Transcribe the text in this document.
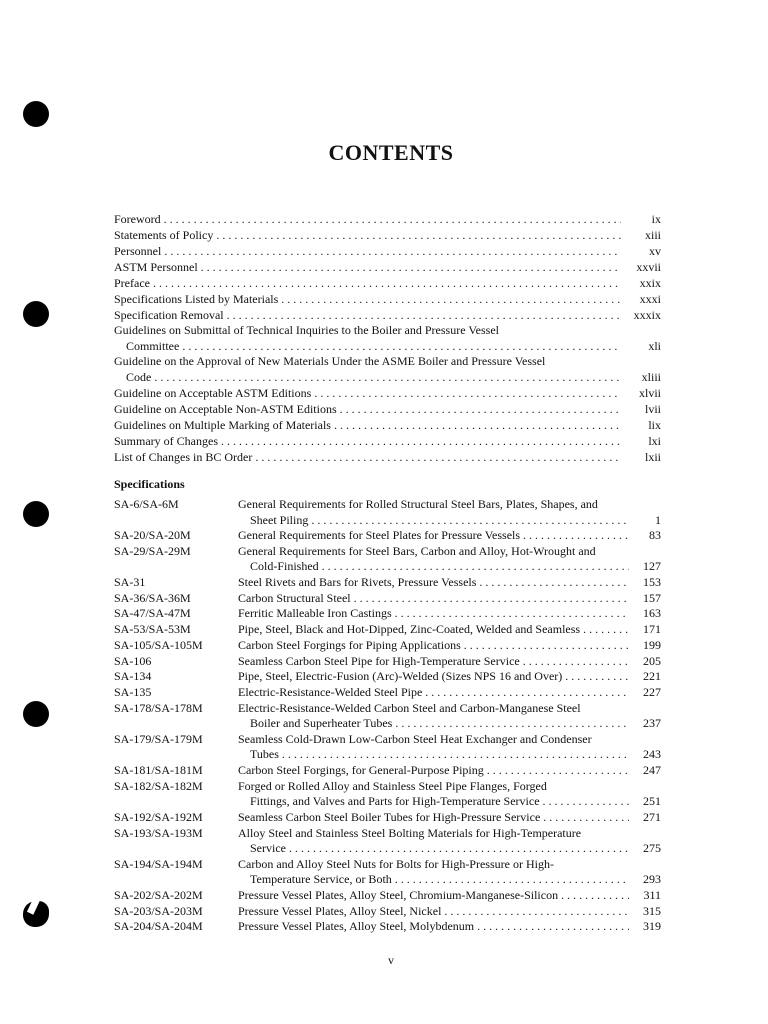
CONTENTS
Foreword . . .	ix
Statements of Policy . . .	xiii
Personnel . . .	xv
ASTM Personnel . . .	xxvii
Preface . . .	xxix
Specifications Listed by Materials . . .	xxxi
Specification Removal . . .	xxxix
Guidelines on Submittal of Technical Inquiries to the Boiler and Pressure Vessel
Committee . . .	xli
Guideline on the Approval of New Materials Under the ASME Boiler and Pressure Vessel
Code . . .	xliii
Guideline on Acceptable ASTM Editions . . .	xlvii
Guideline on Acceptable Non-ASTM Editions . . .	lvii
Guidelines on Multiple Marking of Materials . . .	lix
Summary of Changes . . .	lxi
List of Changes in BC Order . . .	lxii
Specifications
SA-6/SA-6M	General Requirements for Rolled Structural Steel Bars, Plates, Shapes, and
Sheet Piling . . .	1
SA-20/SA-20M	General Requirements for Steel Plates for Pressure Vessels . . .	83
SA-29/SA-29M	General Requirements for Steel Bars, Carbon and Alloy, Hot-Wrought and
Cold-Finished . . .	127
SA-31	Steel Rivets and Bars for Rivets, Pressure Vessels . . .	153
SA-36/SA-36M	Carbon Structural Steel . . .	157
SA-47/SA-47M	Ferritic Malleable Iron Castings . . .	163
SA-53/SA-53M	Pipe, Steel, Black and Hot-Dipped, Zinc-Coated, Welded and Seamless . . .	171
SA-105/SA-105M	Carbon Steel Forgings for Piping Applications . . .	199
SA-106	Seamless Carbon Steel Pipe for High-Temperature Service . . .	205
SA-134	Pipe, Steel, Electric-Fusion (Arc)-Welded (Sizes NPS 16 and Over) . . .	221
SA-135	Electric-Resistance-Welded Steel Pipe . . .	227
SA-178/SA-178M	Electric-Resistance-Welded Carbon Steel and Carbon-Manganese Steel
Boiler and Superheater Tubes . . .	237
SA-179/SA-179M	Seamless Cold-Drawn Low-Carbon Steel Heat Exchanger and Condenser
Tubes . . .	243
SA-181/SA-181M	Carbon Steel Forgings, for General-Purpose Piping . . .	247
SA-182/SA-182M	Forged or Rolled Alloy and Stainless Steel Pipe Flanges, Forged
Fittings, and Valves and Parts for High-Temperature Service . . .	251
SA-192/SA-192M	Seamless Carbon Steel Boiler Tubes for High-Pressure Service . . .	271
SA-193/SA-193M	Alloy Steel and Stainless Steel Bolting Materials for High-Temperature
Service . . .	275
SA-194/SA-194M	Carbon and Alloy Steel Nuts for Bolts for High-Pressure or High-
Temperature Service, or Both . . .	293
SA-202/SA-202M	Pressure Vessel Plates, Alloy Steel, Chromium-Manganese-Silicon . . .	311
SA-203/SA-203M	Pressure Vessel Plates, Alloy Steel, Nickel . . .	315
SA-204/SA-204M	Pressure Vessel Plates, Alloy Steel, Molybdenum . . .	319
v
